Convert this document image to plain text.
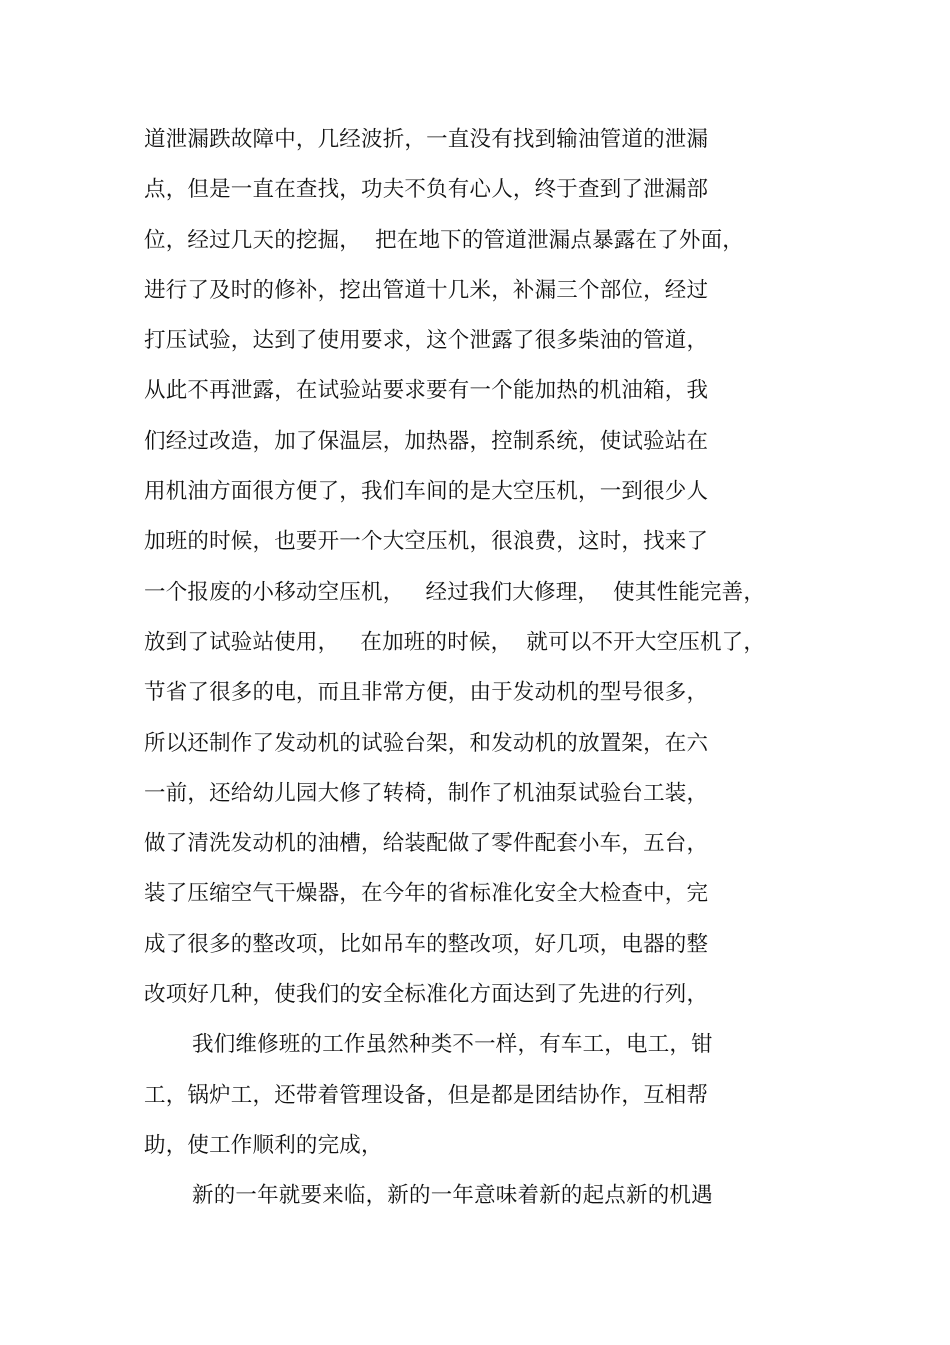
道泄漏跌故障中，几经波折，一直没有找到输油管道的泄漏
点，但是一直在查找，功夫不负有心人，终于查到了泄漏部
位，经过几天的挖掘，  把在地下的管道泄漏点暴露在了外面，
进行了及时的修补，挖出管道十几米，补漏三个部位，经过
打压试验，达到了使用要求，这个泄露了很多柴油的管道，
从此不再泄露，在试验站要求要有一个能加热的机油箱，我
们经过改造，加了保温层，加热器，控制系统，使试验站在
用机油方面很方便了，我们车间的是大空压机，一到很少人
加班的时候，也要开一个大空压机，很浪费，这时，找来了
一个报废的小移动空压机，   经过我们大修理，  使其性能完善，
放到了试验站使用，   在加班的时候，  就可以不开大空压机了，
节省了很多的电，而且非常方便，由于发动机的型号很多，
所以还制作了发动机的试验台架，和发动机的放置架，在六
一前，还给幼儿园大修了转椅，制作了机油泵试验台工装，
做了清洗发动机的油槽，给装配做了零件配套小车，五台，
装了压缩空气干燥器，在今年的省标准化安全大检查中，完
成了很多的整改项，比如吊车的整改项，好几项，电器的整
改项好几种，使我们的安全标准化方面达到了先进的行列，
我们维修班的工作虽然种类不一样，有车工，电工，钳
工，锅炉工，还带着管理设备，但是都是团结协作，互相帮
助，使工作顺利的完成，
新的一年就要来临，新的一年意味着新的起点新的机遇
